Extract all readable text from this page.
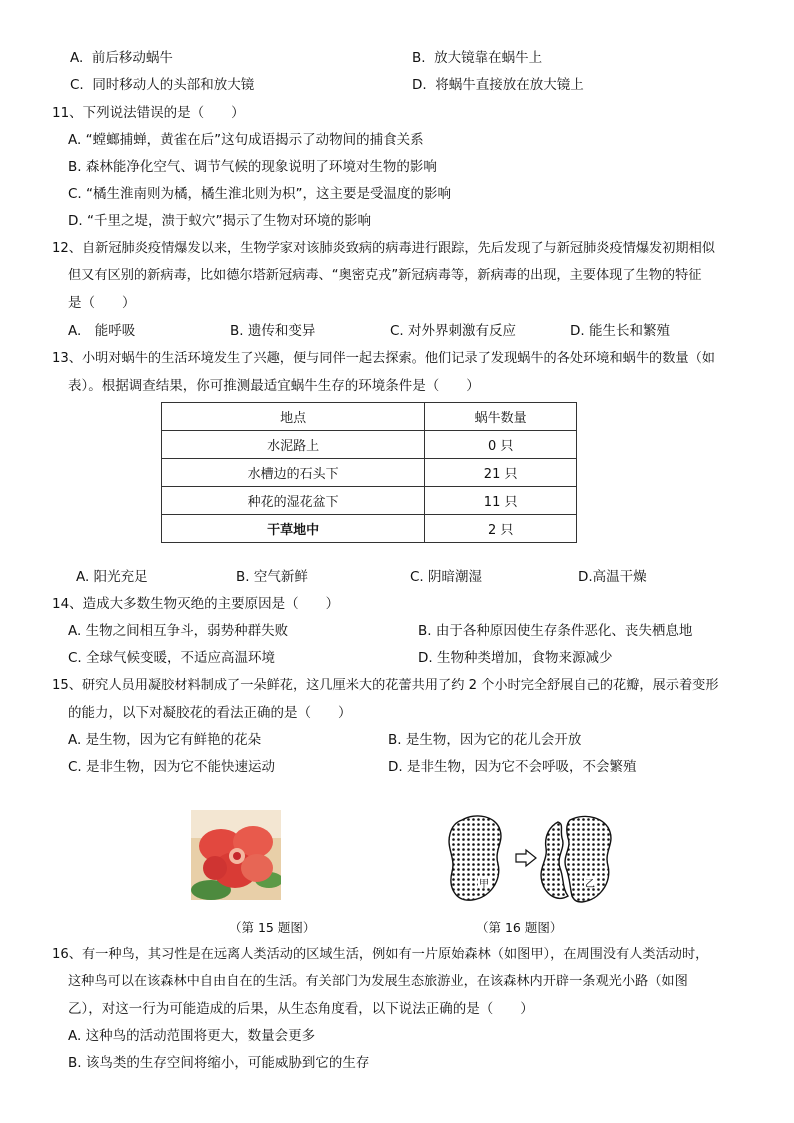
A. 前后移动蜗牛	B. 放大镜靠在蜗牛上
C. 同时移动人的头部和放大镜	D. 将蜗牛直接放在放大镜上
11、下列说法错误的是（　　）
A. “螳螂捕蝉，黄雀在后”这句成语揭示了动物间的捕食关系
B. 森林能净化空气、调节气候的现象说明了环境对生物的影响
C. “橘生淮南则为橘，橘生淮北则为枳”，这主要是受温度的影响
D. “千里之堤，溃于蚁穴”揭示了生物对环境的影响
12、自新冠肺炎疫情爆发以来，生物学家对该肺炎致病的病毒进行跟踪，先后发现了与新冠肺炎疫情爆发初期相似
但又有区别的新病毒，比如德尔塔新冠病毒、“奥密克戎”新冠病毒等，新病毒的出现，主要体现了生物的特征
是（　　）
A.　能呼吸	B. 遗传和变异	C. 对外界刺激有反应	D. 能生长和繁殖
13、小明对蜗牛的生活环境发生了兴趣，便与同伴一起去探索。他们记录了发现蜗牛的各处环境和蜗牛的数量（如
表）。根据调查结果，你可推测最适宜蜗牛生存的环境条件是（　　）
地点	蜗牛数量
水泥路上	0 只
水槽边的石头下	21 只
种花的湿花盆下	11 只
干草地中	2 只
A. 阳光充足	B. 空气新鲜	C. 阴暗潮湿	D.高温干燥
14、造成大多数生物灭绝的主要原因是（　　）
A. 生物之间相互争斗，弱势种群失败	B. 由于各种原因使生存条件恶化、丧失栖息地
C. 全球气候变暖，不适应高温环境	D. 生物种类增加，食物来源减少
15、研究人员用凝胶材料制成了一朵鲜花，这几厘米大的花蕾共用了约 2 个小时完全舒展自己的花瓣，展示着变形
的能力，以下对凝胶花的看法正确的是（　　）
A. 是生物，因为它有鲜艳的花朵	B. 是生物，因为它的花儿会开放
C. 是非生物，因为它不能快速运动	D. 是非生物，因为它不会呼吸，不会繁殖
（第 15 题图）
甲	乙
（第 16 题图）
16、有一种鸟，其习性是在远离人类活动的区域生活，例如有一片原始森林（如图甲），在周围没有人类活动时，
这种鸟可以在该森林中自由自在的生活。有关部门为发展生态旅游业，在该森林内开辟一条观光小路（如图
乙），对这一行为可能造成的后果，从生态角度看，以下说法正确的是（　　）
A. 这种鸟的活动范围将更大，数量会更多
B. 该鸟类的生存空间将缩小，可能威胁到它的生存
